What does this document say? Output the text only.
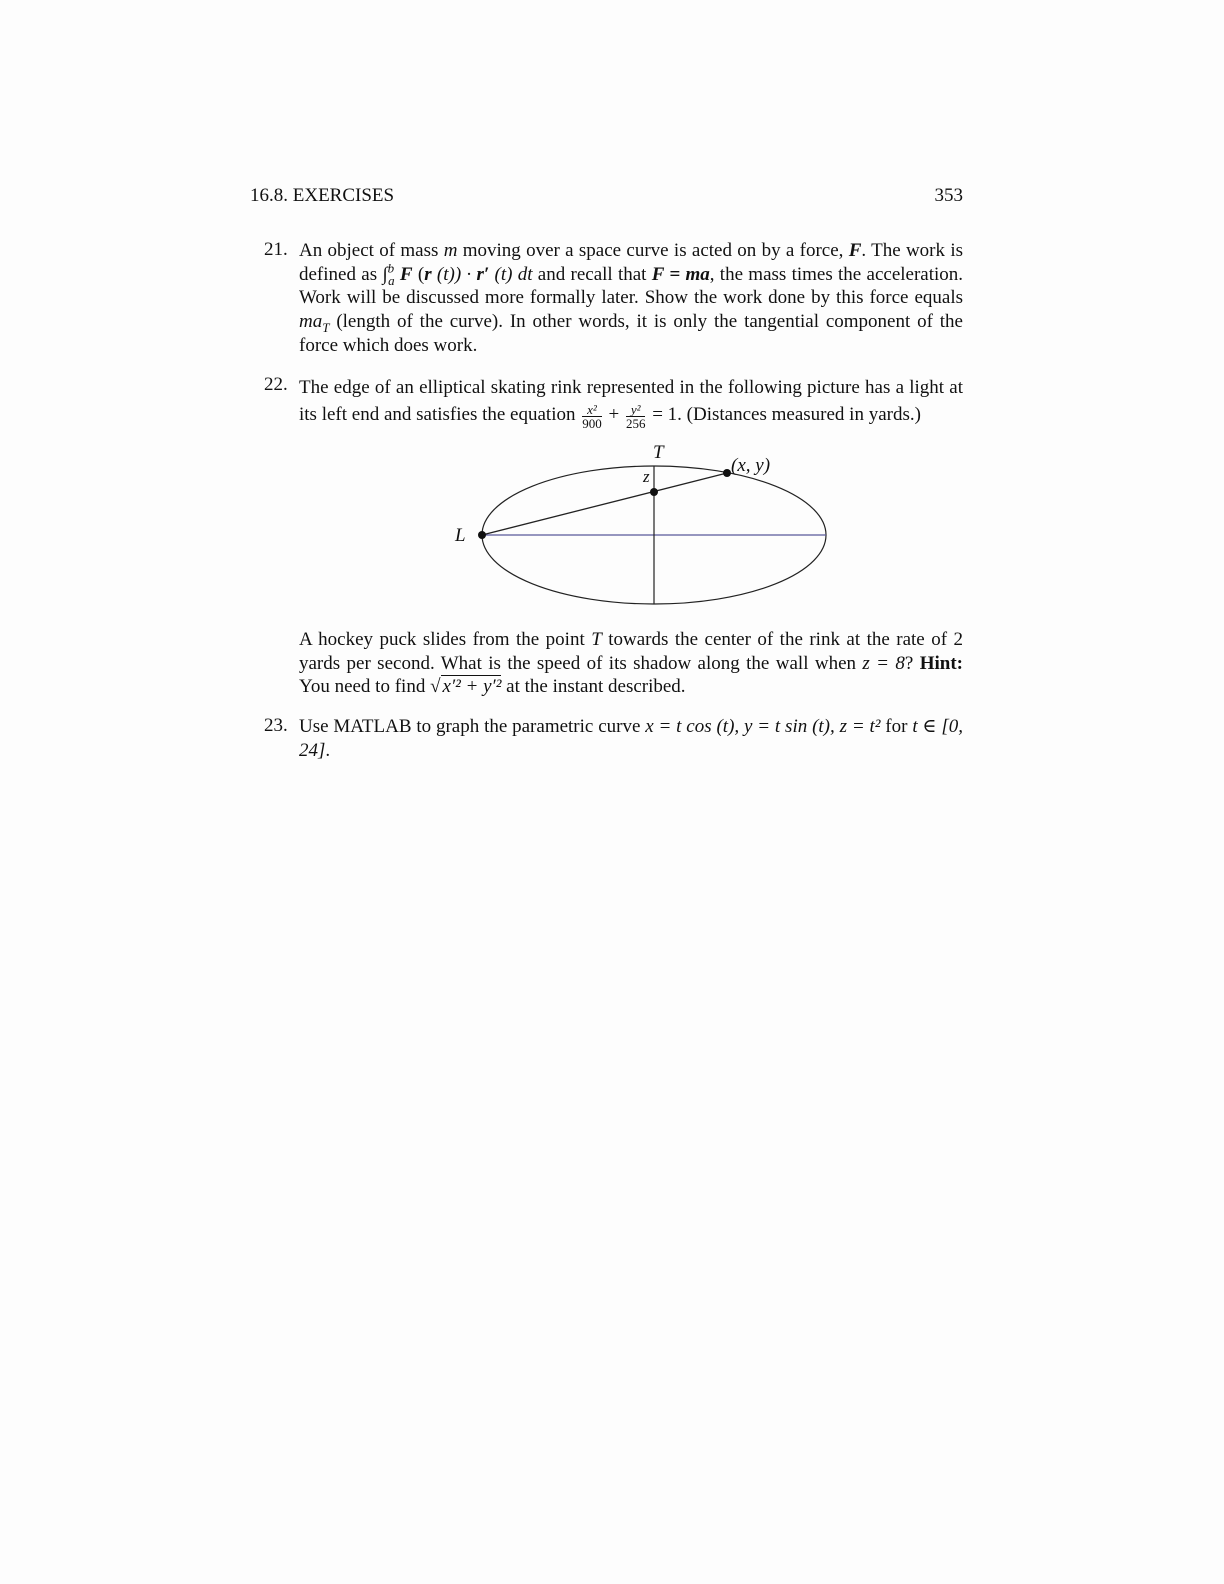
16.8. EXERCISES	353
21. An object of mass m moving over a space curve is acted on by a force, F. The work is defined as ∫$^b_a$ F (r (t)) · r′ (t) dt and recall that F = ma, the mass times the acceleration. Work will be discussed more formally later. Show the work done by this force equals $ma_T$ (length of the curve). In other words, it is only the tangential component of the force which does work.

22. The edge of an elliptical skating rink represented in the following picture has a light at its left end and satisfies the equation $\frac{\text{x²}}{900} + \frac{\text{y²}}{256} = 1$. (Distances measured in yards.)

T
z
(x, y)
L

A hockey puck slides from the point T towards the center of the rink at the rate of 2 yards per second. What is the speed of its shadow along the wall when z = 8? Hint: You need to find √ x′² + y′² at the instant described.

23. Use MATLAB to graph the parametric curve x = t cos (t), y = t sin (t), z = t² for t ∈ [0, 24].
